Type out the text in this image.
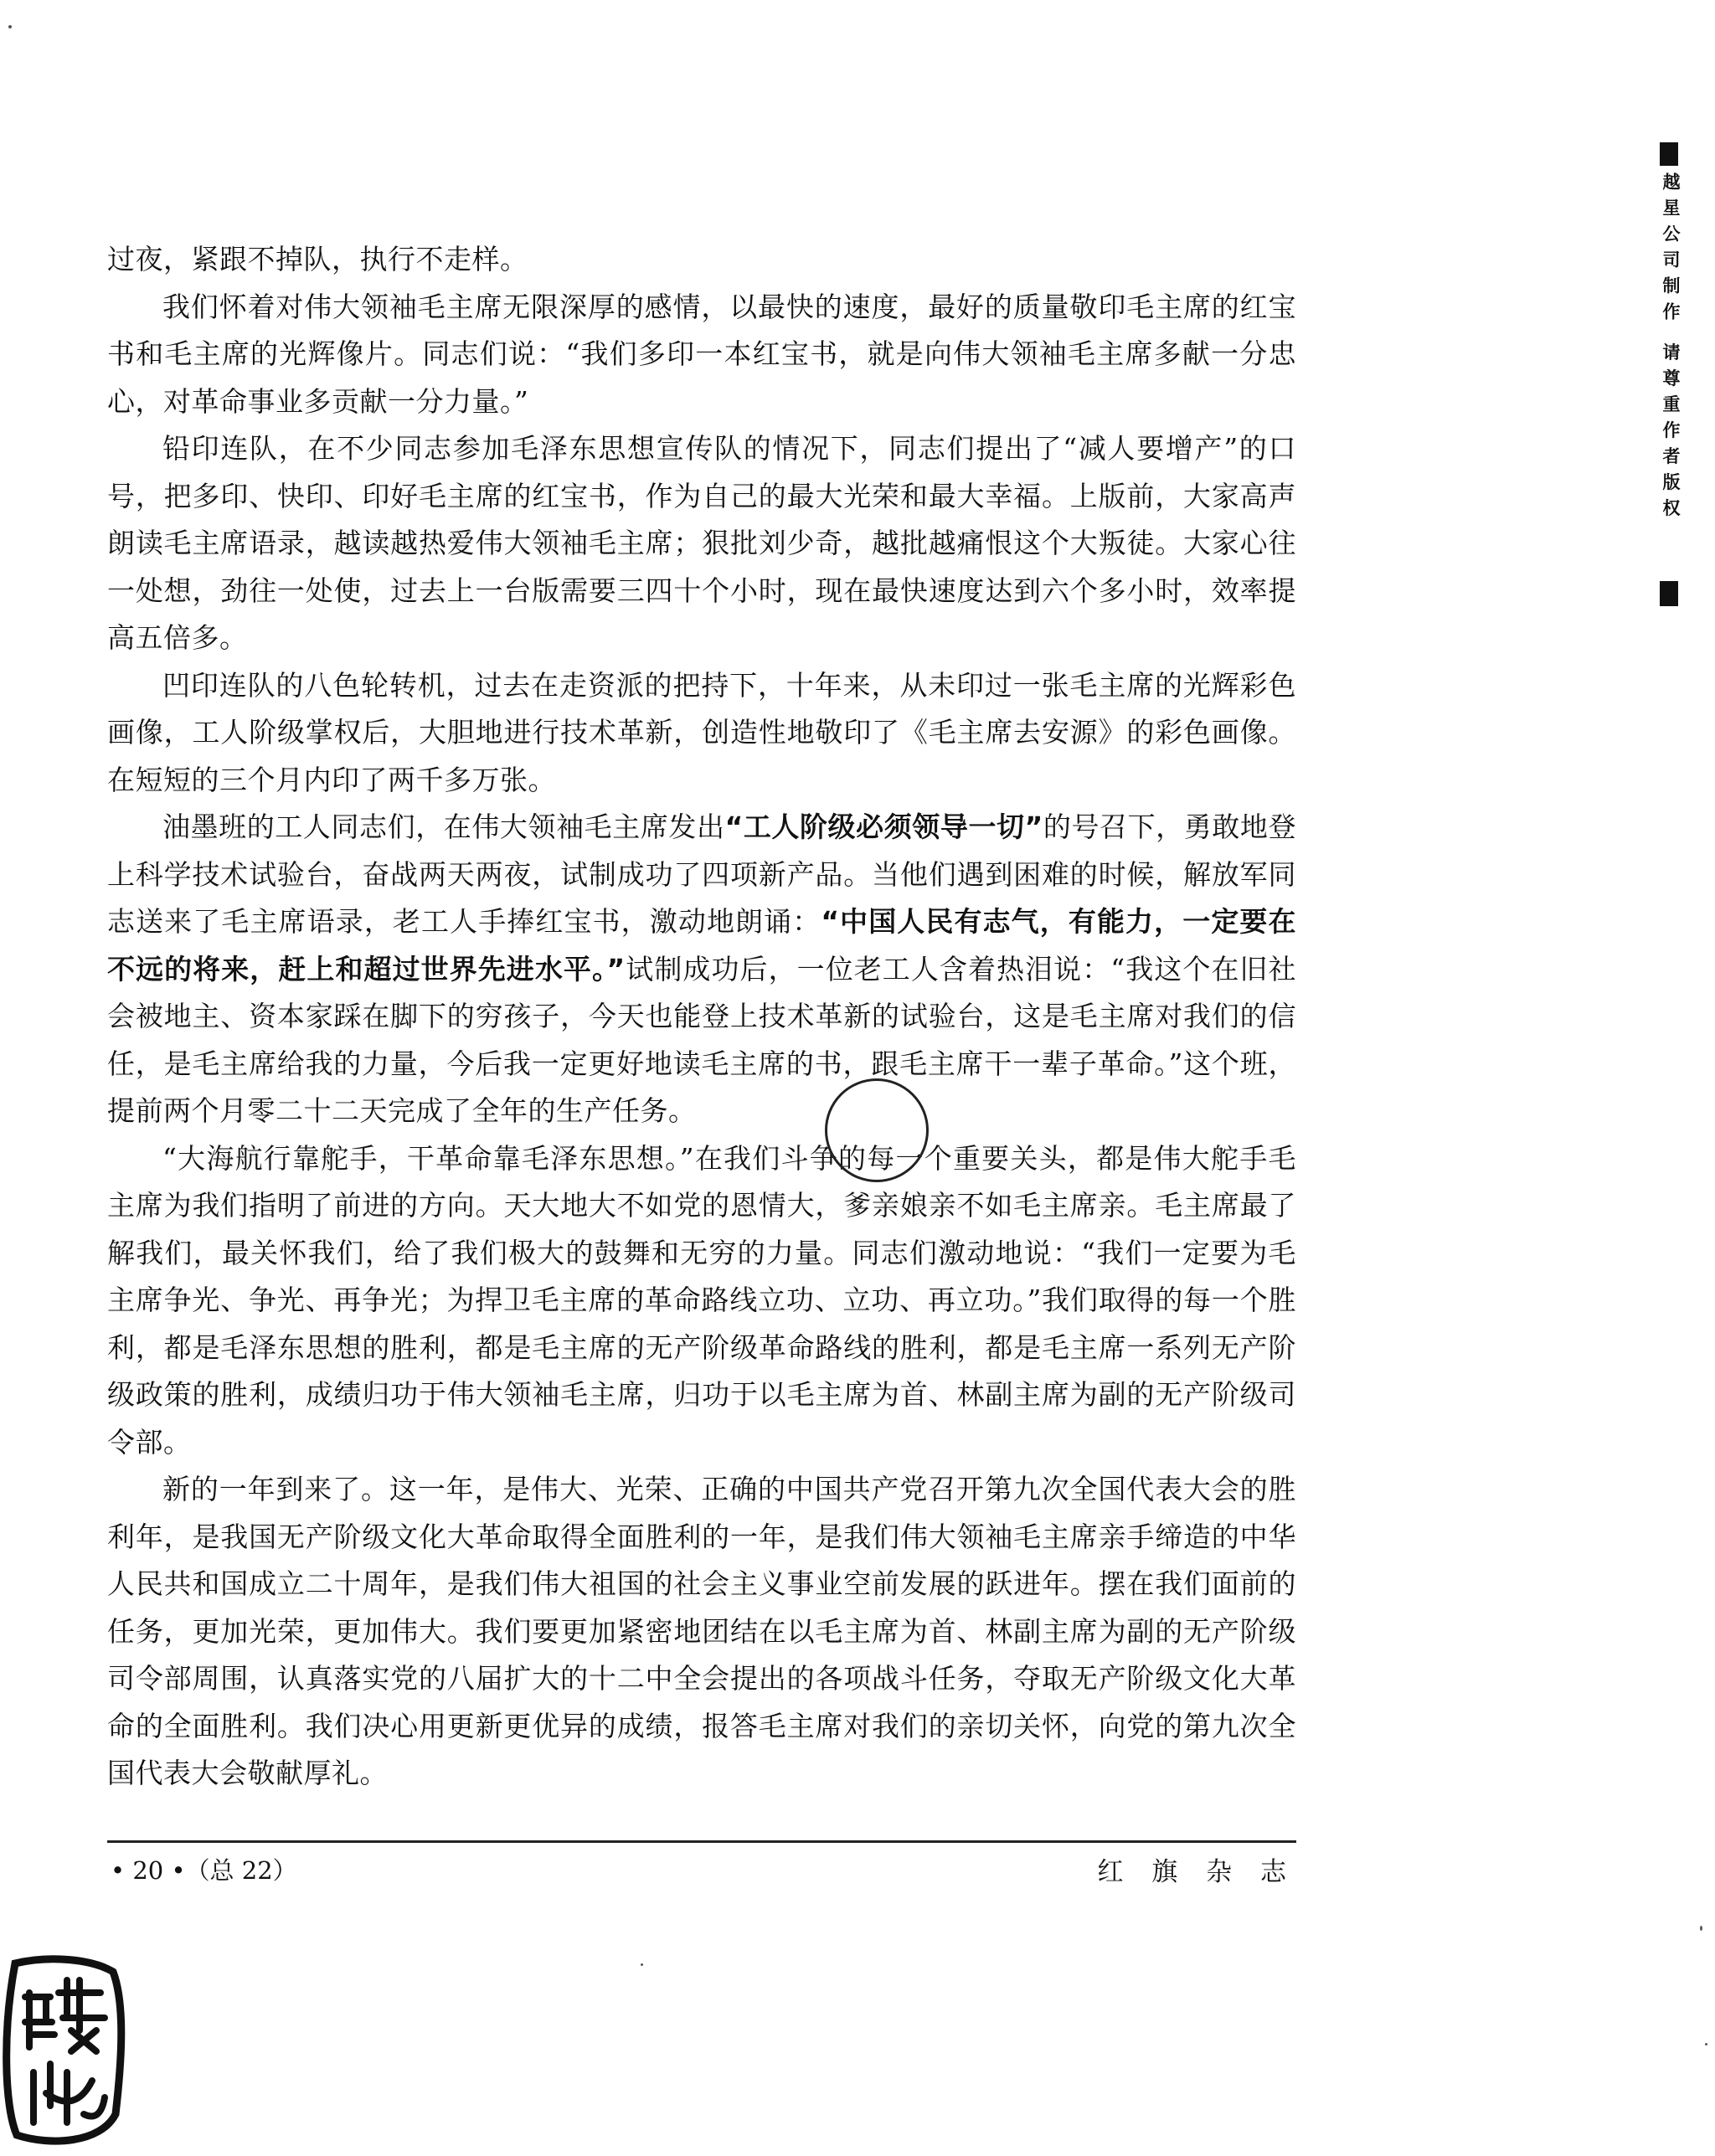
越星公司制作 请尊重作者版权

过夜，紧跟不掉队，执行不走样。

我们怀着对伟大领袖毛主席无限深厚的感情，以最快的速度，最好的质量敬印毛主席的红宝书和毛主席的光辉像片。同志们说：“我们多印一本红宝书，就是向伟大领袖毛主席多献一分忠心，对革命事业多贡献一分力量。”

铅印连队，在不少同志参加毛泽东思想宣传队的情况下，同志们提出了“减人要增产”的口号，把多印、快印、印好毛主席的红宝书，作为自己的最大光荣和最大幸福。上版前，大家高声朗读毛主席语录，越读越热爱伟大领袖毛主席；狠批刘少奇，越批越痛恨这个大叛徒。大家心往一处想，劲往一处使，过去上一台版需要三四十个小时，现在最快速度达到六个多小时，效率提高五倍多。

凹印连队的八色轮转机，过去在走资派的把持下，十年来，从未印过一张毛主席的光辉彩色画像，工人阶级掌权后，大胆地进行技术革新，创造性地敬印了《毛主席去安源》的彩色画像。在短短的三个月内印了两千多万张。

油墨班的工人同志们，在伟大领袖毛主席发出“工人阶级必须领导一切”的号召下，勇敢地登上科学技术试验台，奋战两天两夜，试制成功了四项新产品。当他们遇到困难的时候，解放军同志送来了毛主席语录，老工人手捧红宝书，激动地朗诵：“中国人民有志气，有能力，一定要在不远的将来，赶上和超过世界先进水平。”试制成功后，一位老工人含着热泪说：“我这个在旧社会被地主、资本家踩在脚下的穷孩子，今天也能登上技术革新的试验台，这是毛主席对我们的信任，是毛主席给我的力量，今后我一定更好地读毛主席的书，跟毛主席干一辈子革命。”这个班，提前两个月零二十二天完成了全年的生产任务。

“大海航行靠舵手，干革命靠毛泽东思想。”在我们斗争的每一个重要关头，都是伟大舵手毛主席为我们指明了前进的方向。天大地大不如党的恩情大，爹亲娘亲不如毛主席亲。毛主席最了解我们，最关怀我们，给了我们极大的鼓舞和无穷的力量。同志们激动地说：“我们一定要为毛主席争光、争光、再争光；为捍卫毛主席的革命路线立功、立功、再立功。”我们取得的每一个胜利，都是毛泽东思想的胜利，都是毛主席的无产阶级革命路线的胜利，都是毛主席一系列无产阶级政策的胜利，成绩归功于伟大领袖毛主席，归功于以毛主席为首、林副主席为副的无产阶级司令部。

新的一年到来了。这一年，是伟大、光荣、正确的中国共产党召开第九次全国代表大会的胜利年，是我国无产阶级文化大革命取得全面胜利的一年，是我们伟大领袖毛主席亲手缔造的中华人民共和国成立二十周年，是我们伟大祖国的社会主义事业空前发展的跃进年。摆在我们面前的任务，更加光荣，更加伟大。我们要更加紧密地团结在以毛主席为首、林副主席为副的无产阶级司令部周围，认真落实党的八届扩大的十二中全会提出的各项战斗任务，夺取无产阶级文化大革命的全面胜利。我们决心用更新更优异的成绩，报答毛主席对我们的亲切关怀，向党的第九次全国代表大会敬献厚礼。

• 20 •（总 22）	红 旗 杂 志
